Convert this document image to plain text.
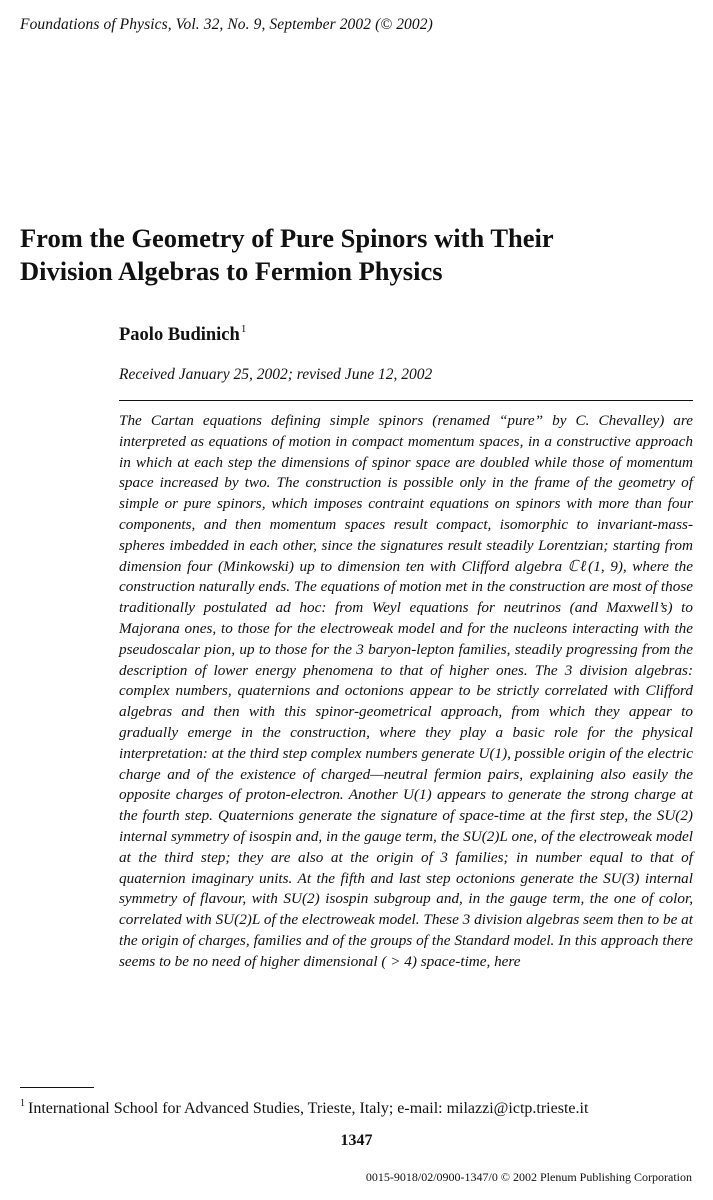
Foundations of Physics, Vol. 32, No. 9, September 2002 (© 2002)
From the Geometry of Pure Spinors with Their
Division Algebras to Fermion Physics
Paolo Budinich$^1$
Received January 25, 2002; revised June 12, 2002

The Cartan equations defining simple spinors (renamed “pure” by C. Chevalley) are interpreted as equations of motion in compact momentum spaces, in a constructive approach in which at each step the dimensions of spinor space are doubled while those of momentum space increased by two. The construction is possible only in the frame of the geometry of simple or pure spinors, which imposes contraint equations on spinors with more than four components, and then momentum spaces result compact, isomorphic to invariant-mass-spheres imbedded in each other, since the signatures result steadily Lorentzian; starting from dimension four (Minkowski) up to dimension ten with Clifford algebra ℂℓ(1, 9), where the construction naturally ends. The equations of motion met in the construction are most of those traditionally postulated ad hoc: from Weyl equations for neutrinos (and Maxwell’s) to Majorana ones, to those for the electroweak model and for the nucleons interacting with the pseudoscalar pion, up to those for the 3 baryon-lepton families, steadily progressing from the description of lower energy phenomena to that of higher ones. The 3 division algebras: complex numbers, quaternions and octonions appear to be strictly correlated with Clifford algebras and then with this spinor-geometrical approach, from which they appear to gradually emerge in the construction, where they play a basic role for the physical interpretation: at the third step complex numbers generate U(1), possible origin of the electric charge and of the existence of charged—neutral fermion pairs, explaining also easily the opposite charges of proton-electron. Another U(1) appears to generate the strong charge at the fourth step. Quaternions generate the signature of space-time at the first step, the SU(2) internal symmetry of isospin and, in the gauge term, the SU(2)L one, of the electroweak model at the third step; they are also at the origin of 3 families; in number equal to that of quaternion imaginary units. At the fifth and last step octonions generate the SU(3) internal symmetry of flavour, with SU(2) isospin subgroup and, in the gauge term, the one of color, correlated with SU(2)L of the electroweak model. These 3 division algebras seem then to be at the origin of charges, families and of the groups of the Standard model. In this approach there seems to be no need of higher dimensional ( > 4) space-time, here

$^1$ International School for Advanced Studies, Trieste, Italy; e-mail: milazzi@ictp.trieste.it
1347
0015-9018/02/0900-1347/0 © 2002 Plenum Publishing Corporation
